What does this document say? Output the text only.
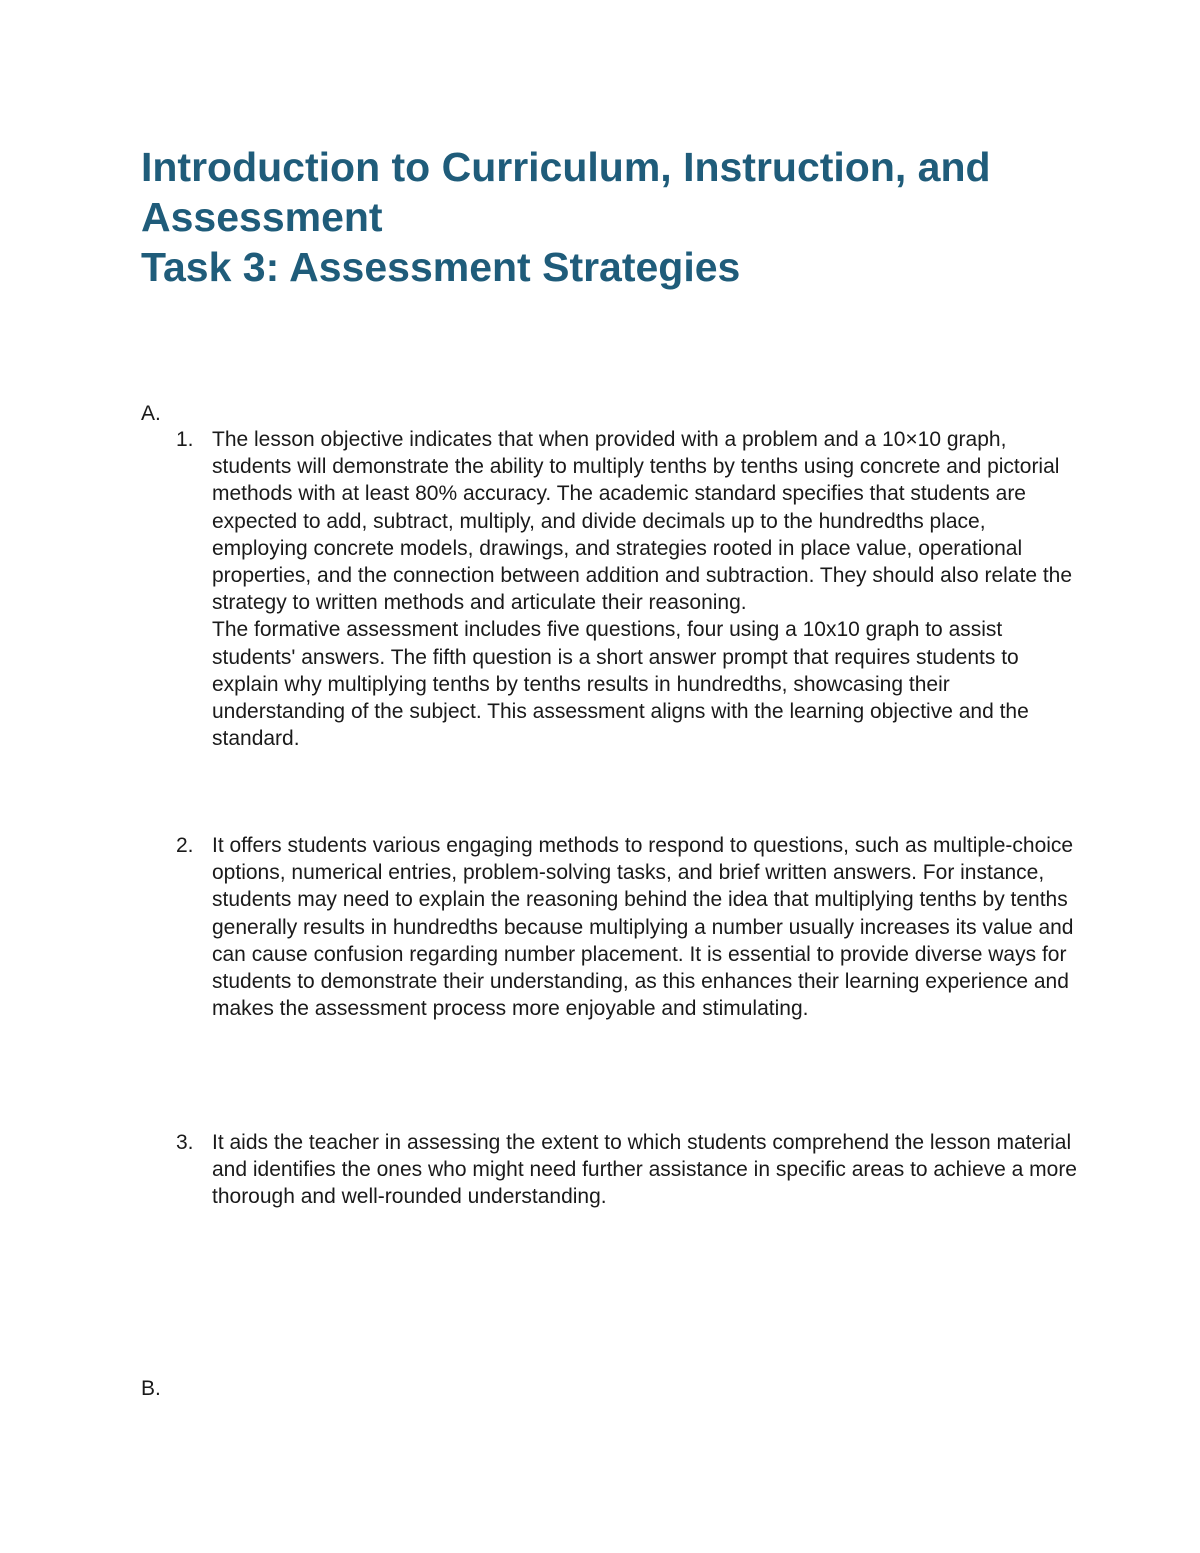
Introduction to Curriculum, Instruction, and
Assessment
Task 3: Assessment Strategies

A.

1. The lesson objective indicates that when provided with a problem and a 10×10 graph, students will demonstrate the ability to multiply tenths by tenths using concrete and pictorial methods with at least 80% accuracy. The academic standard specifies that students are expected to add, subtract, multiply, and divide decimals up to the hundredths place, employing concrete models, drawings, and strategies rooted in place value, operational properties, and the connection between addition and subtraction. They should also relate the strategy to written methods and articulate their reasoning.

The formative assessment includes five questions, four using a 10x10 graph to assist students' answers. The fifth question is a short answer prompt that requires students to explain why multiplying tenths by tenths results in hundredths, showcasing their understanding of the subject. This assessment aligns with the learning objective and the standard.

2. It offers students various engaging methods to respond to questions, such as multiple-choice options, numerical entries, problem-solving tasks, and brief written answers. For instance, students may need to explain the reasoning behind the idea that multiplying tenths by tenths generally results in hundredths because multiplying a number usually increases its value and can cause confusion regarding number placement. It is essential to provide diverse ways for students to demonstrate their understanding, as this enhances their learning experience and makes the assessment process more enjoyable and stimulating.

3. It aids the teacher in assessing the extent to which students comprehend the lesson material and identifies the ones who might need further assistance in specific areas to achieve a more thorough and well-rounded understanding.

B.
